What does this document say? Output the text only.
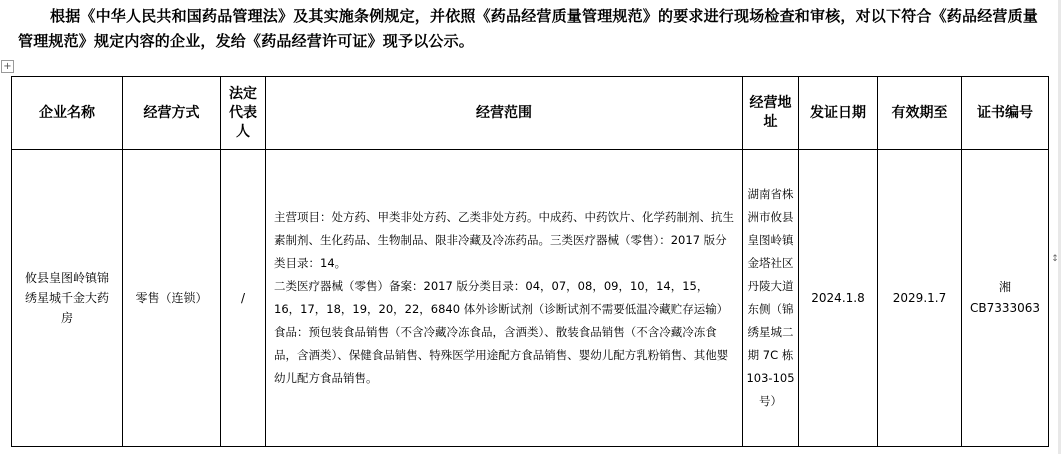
根据《中华人民共和国药品管理法》及其实施条例规定，并依照《药品经营质量管理规范》的要求进行现场检查和审核，对以下符合《药品经营质量管理规范》规定内容的企业，发给《药品经营许可证》现予以公示。
+
企业名称	经营方式	法定代表人	经营范围	经营地址	发证日期	有效期至	证书编号
攸县皇图岭镇锦绣星城千金大药房	零售（连锁）	/	主营项目：处方药、甲类非处方药、乙类非处方药。中成药、中药饮片、化学药制剂、抗生素制剂、生化药品、生物制品、限非冷藏及冷冻药品。三类医疗器械（零售）：2017 版分类目录：14。

二类医疗器械（零售）备案：2017 版分类目录：04，07，08，09，10，14，15，16，17，18，19，20，22，6840 体外诊断试剂（诊断试剂不需要低温冷藏贮存运输）

食品：预包装食品销售（不含冷藏冷冻食品，含酒类）、散装食品销售（不含冷藏冷冻食品，含酒类）、保健食品销售、特殊医学用途配方食品销售、婴幼儿配方乳粉销售、其他婴幼儿配方食品销售。	湖南省株洲市攸县皇图岭镇金塔社区丹陵大道东侧（锦绣星城二期 7C 栋 103-105 号）	2024.1.8	2029.1.7	湘CB7333063
↕
